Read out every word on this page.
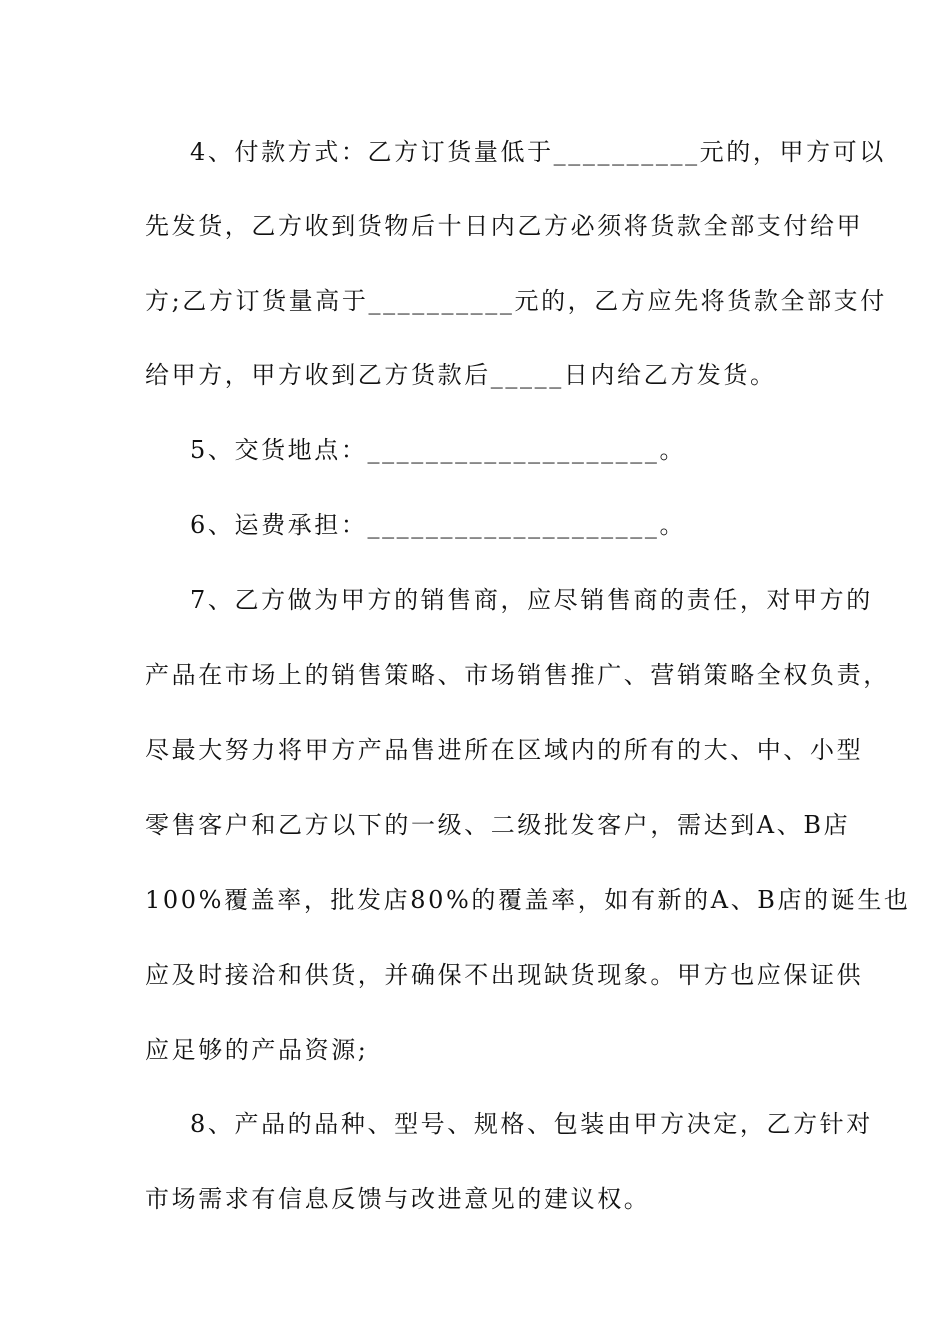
4、付款方式：乙方订货量低于__________元的，甲方可以
先发货，乙方收到货物后十日内乙方必须将货款全部支付给甲
方;乙方订货量高于__________元的，乙方应先将货款全部支付
给甲方，甲方收到乙方货款后_____日内给乙方发货。
5、交货地点：____________________。
6、运费承担：____________________。
7、乙方做为甲方的销售商，应尽销售商的责任，对甲方的
产品在市场上的销售策略、市场销售推广、营销策略全权负责，
尽最大努力将甲方产品售进所在区域内的所有的大、中、小型
零售客户和乙方以下的一级、二级批发客户，需达到A、B店
100%覆盖率，批发店80%的覆盖率，如有新的A、B店的诞生也
应及时接洽和供货，并确保不出现缺货现象。甲方也应保证供
应足够的产品资源;
8、产品的品种、型号、规格、包装由甲方决定，乙方针对
市场需求有信息反馈与改进意见的建议权。
